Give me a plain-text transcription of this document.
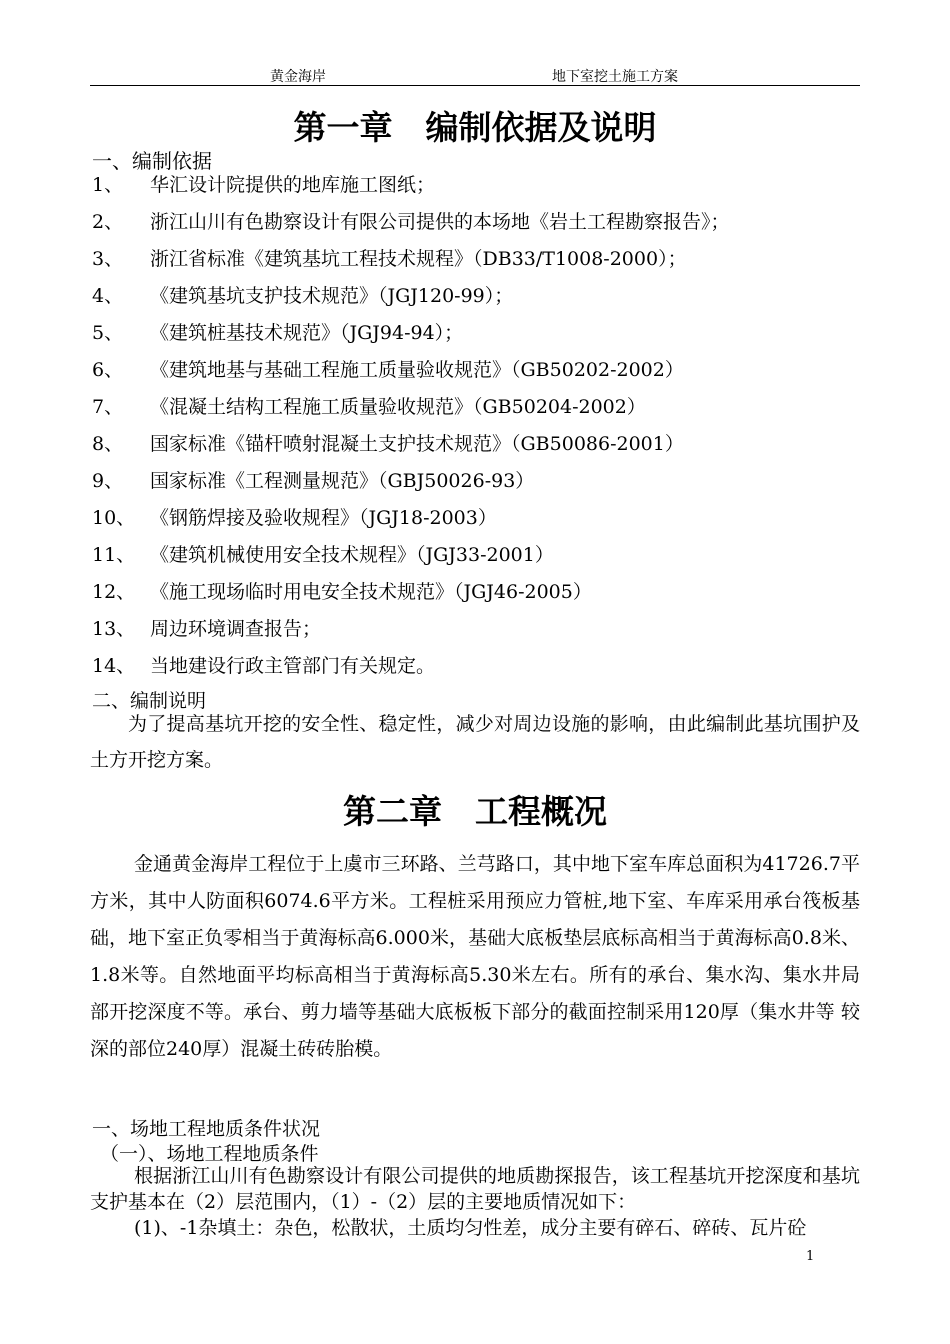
黄金海岸	地下室挖土施工方案
第一章　编制依据及说明
一、编制依据
1、 华汇设计院提供的地库施工图纸；
2、 浙江山川有色勘察设计有限公司提供的本场地《岩土工程勘察报告》；
3、 浙江省标准《建筑基坑工程技术规程》（DB33/T1008-2000）；
4、 《建筑基坑支护技术规范》（JGJ120-99）；
5、 《建筑桩基技术规范》（JGJ94-94）；
6、 《建筑地基与基础工程施工质量验收规范》（GB50202-2002）
7、 《混凝土结构工程施工质量验收规范》（GB50204-2002）
8、 国家标准《锚杆喷射混凝土支护技术规范》（GB50086-2001）
9、 国家标准《工程测量规范》（GBJ50026-93）
10、 《钢筋焊接及验收规程》（JGJ18-2003）
11、 《建筑机械使用安全技术规程》（JGJ33-2001）
12、 《施工现场临时用电安全技术规范》（JGJ46-2005）
13、 周边环境调查报告；
14、 当地建设行政主管部门有关规定。
二、编制说明
为了提高基坑开挖的安全性、稳定性，减少对周边设施的影响，由此编制此基坑围护及土方开挖方案。
第二章　工程概况
金通黄金海岸工程位于上虞市三环路、兰芎路口，其中地下室车库总面积为41726.7平方米，其中人防面积6074.6平方米。工程桩采用预应力管桩,地下室、车库采用承台筏板基础，地下室正负零相当于黄海标高6.000米，基础大底板垫层底标高相当于黄海标高0.8米、1.8米等。自然地面平均标高相当于黄海标高5.30米左右。所有的承台、集水沟、集水井局部开挖深度不等。承台、剪力墙等基础大底板板下部分的截面控制采用120厚（集水井等 较深的部位240厚）混凝土砖砖胎模。
一、场地工程地质条件状况
（一）、场地工程地质条件
根据浙江山川有色勘察设计有限公司提供的地质勘探报告，该工程基坑开挖深度和基坑支护基本在（2）层范围内，（1）-（2）层的主要地质情况如下：
(1)、-1杂填土：杂色，松散状，土质均匀性差，成分主要有碎石、碎砖、瓦片砼
1
